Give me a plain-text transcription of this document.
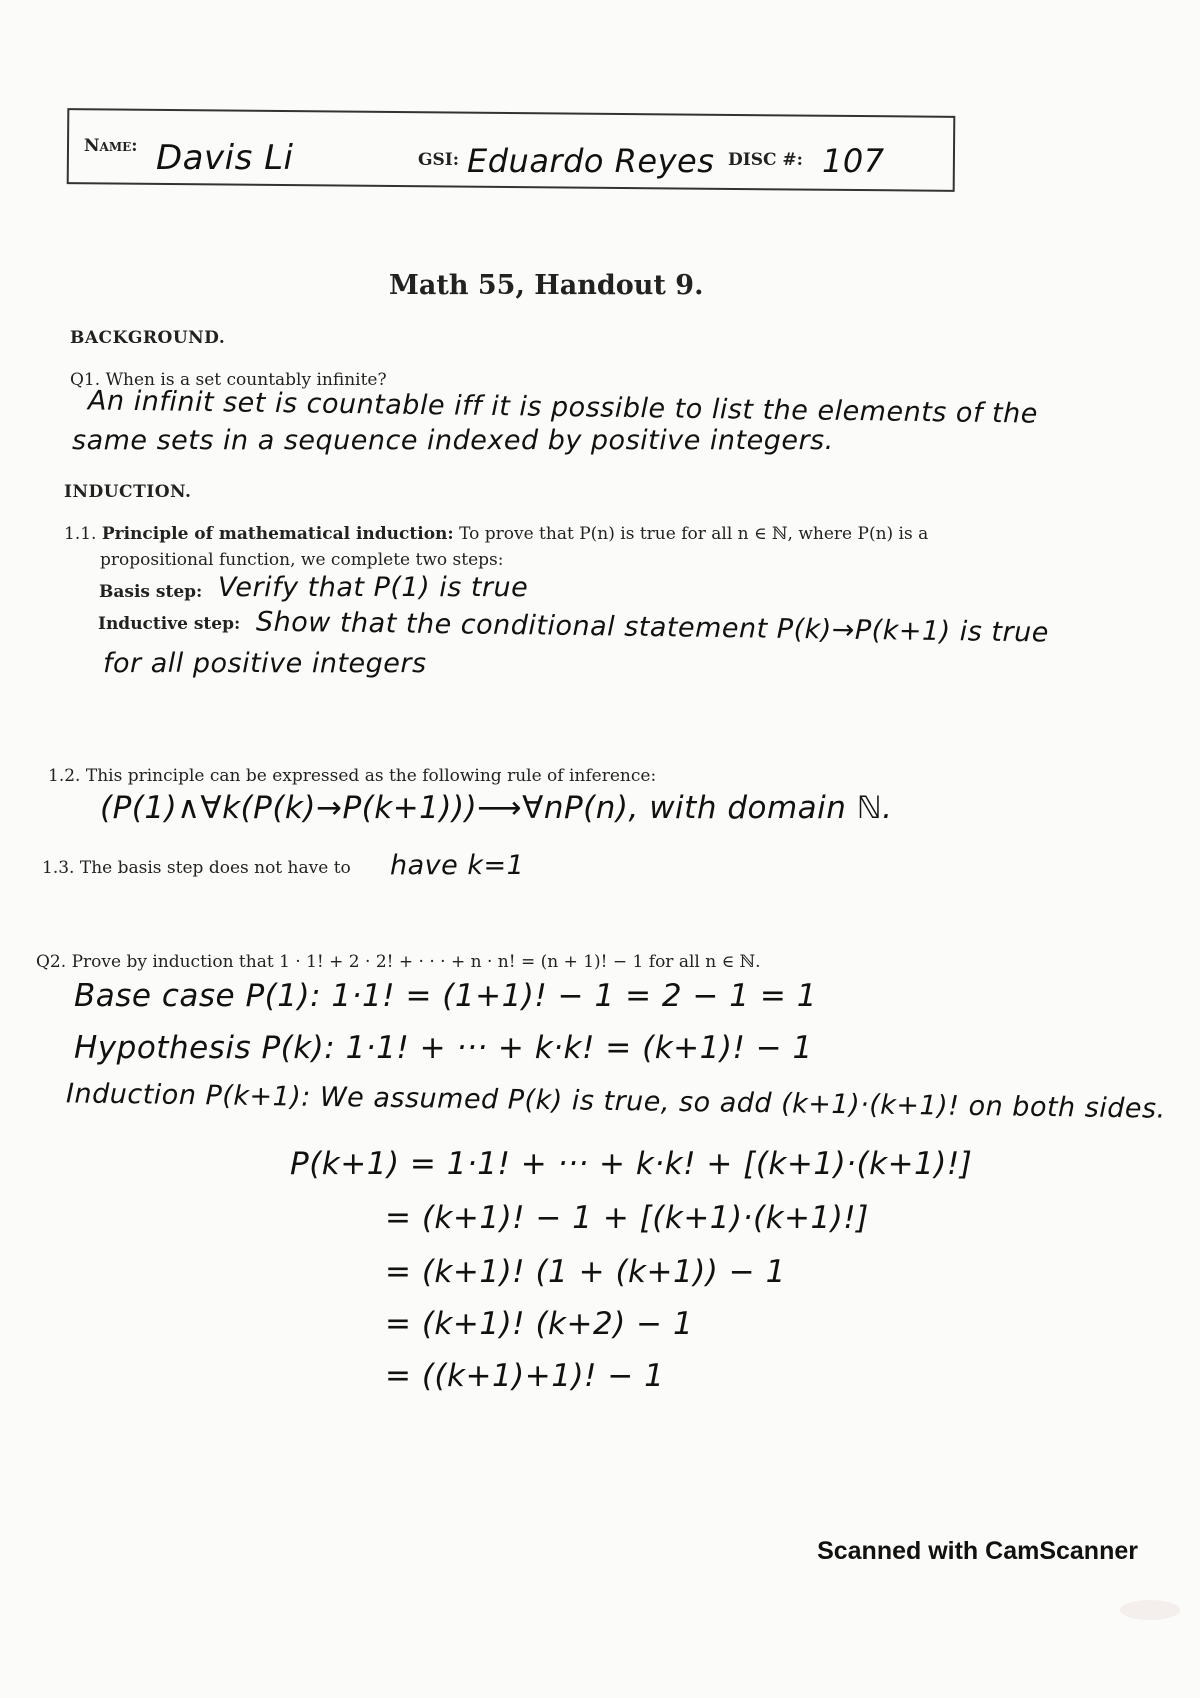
Name: Davis Li	GSI: Eduardo Reyes DISC #: 107
Math 55, Handout 9.
BACKGROUND.
Q1. When is a set countably infinite?
An infinit set is countable iff it is possible to list the elements of the
same sets in a sequence indexed by positive integers.
INDUCTION.
1.1. Principle of mathematical induction: To prove that P(n) is true for all n ∈ ℕ, where P(n) is a
propositional function, we complete two steps:
Basis step: Verify that P(1) is true
Inductive step: Show that the conditional statement P(k)→P(k+1) is true
for all positive integers
1.2. This principle can be expressed as the following rule of inference:
(P(1)∧∀k(P(k)→P(k+1)))⟶∀nP(n), with domain ℕ.
1.3. The basis step does not have to have k=1
Q2. Prove by induction that 1 · 1! + 2 · 2! + · · · + n · n! = (n + 1)! − 1 for all n ∈ ℕ.
Base case P(1): 1·1! = (1+1)! − 1 = 2 − 1 = 1
Hypothesis P(k): 1·1! + ··· + k·k! = (k+1)! − 1
Induction P(k+1): We assumed P(k) is true, so add (k+1)·(k+1)! on both sides.
P(k+1) = 1·1! + ··· + k·k! + [(k+1)·(k+1)!]
= (k+1)! − 1 + [(k+1)·(k+1)!]
= (k+1)! (1 + (k+1)) − 1
= (k+1)! (k+2) − 1
= ((k+1)+1)! − 1
Scanned with CamScanner
